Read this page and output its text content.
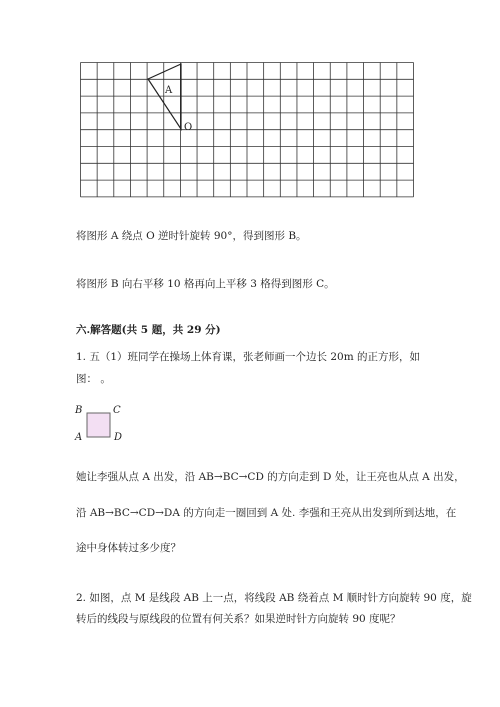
A
O
将图形 A 绕点 O 逆时针旋转 90°，得到图形 B。
将图形 B 向右平移 10 格再向上平移 3 格得到图形 C。
六.解答题(共 5 题，共 29 分)
1. 五（1）班同学在操场上体育课，张老师画一个边长 20m 的正方形，如
图： 。
B	C
A	D
她让李强从点 A 出发，沿 AB→BC→CD 的方向走到 D 处，让王亮也从点 A 出发，
沿 AB→BC→CD→DA 的方向走一圈回到 A 处. 李强和王亮从出发到所到达地，在
途中身体转过多少度？
2. 如图，点 M 是线段 AB 上一点，将线段 AB 绕着点 M 顺时针方向旋转 90 度，旋
转后的线段与原线段的位置有何关系？如果逆时针方向旋转 90 度呢？
